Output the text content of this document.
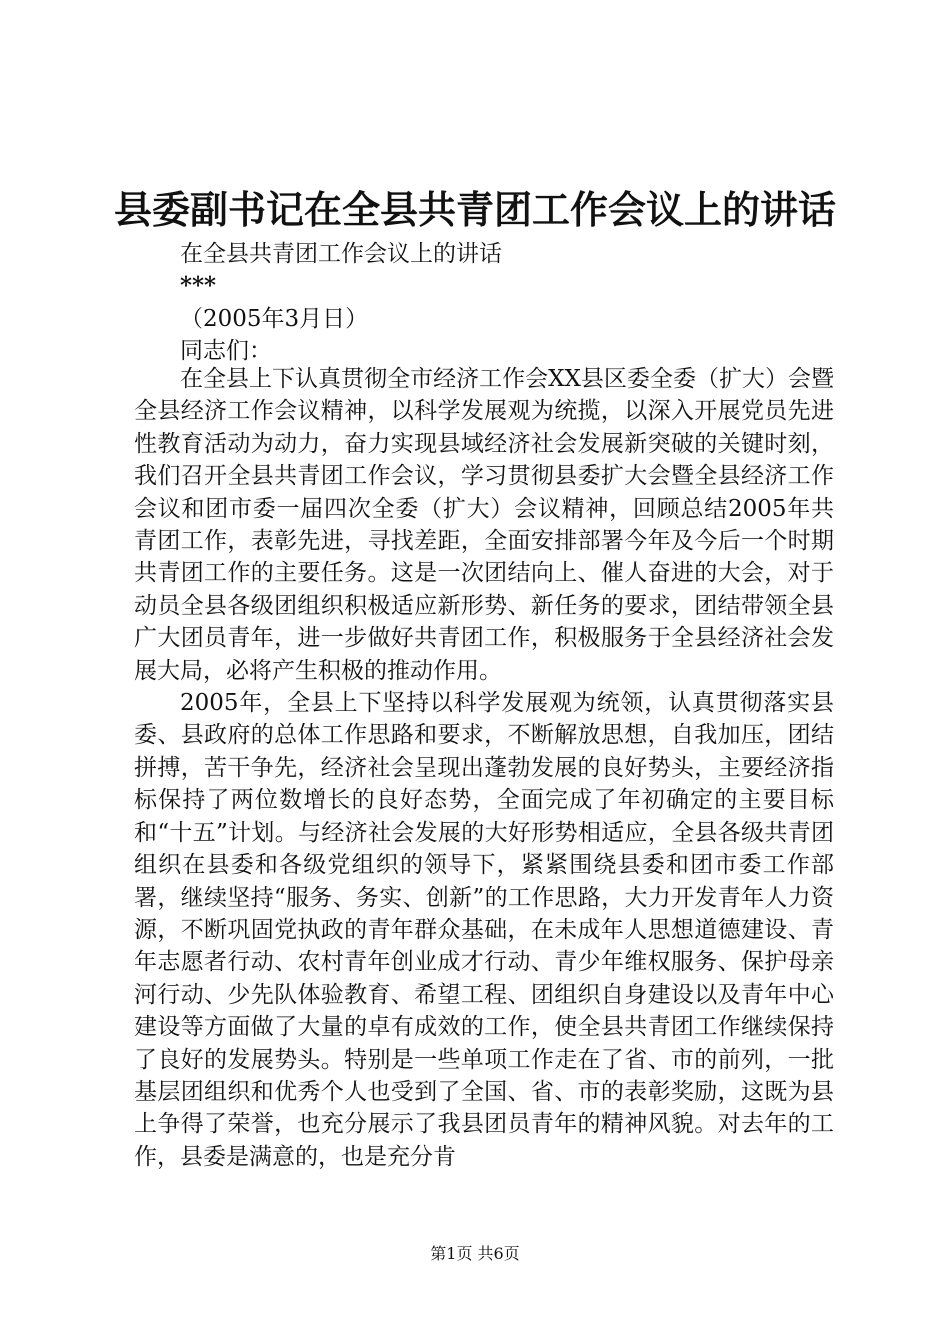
县委副书记在全县共青团工作会议上的讲话
在全县共青团工作会议上的讲话
***
（2005年3月日）
同志们：

在全县上下认真贯彻全市经济工作会XX县区委全委（扩大）会暨全县经济工作会议精神，以科学发展观为统揽，以深入开展党员先进性教育活动为动力，奋力实现县域经济社会发展新突破的关键时刻，我们召开全县共青团工作会议，学习贯彻县委扩大会暨全县经济工作会议和团市委一届四次全委（扩大）会议精神，回顾总结2005年共青团工作，表彰先进，寻找差距，全面安排部署今年及今后一个时期共青团工作的主要任务。这是一次团结向上、催人奋进的大会，对于动员全县各级团组织积极适应新形势、新任务的要求，团结带领全县广大团员青年，进一步做好共青团工作，积极服务于全县经济社会发展大局，必将产生积极的推动作用。

2005年，全县上下坚持以科学发展观为统领，认真贯彻落实县委、县政府的总体工作思路和要求，不断解放思想，自我加压，团结拼搏，苦干争先，经济社会呈现出蓬勃发展的良好势头，主要经济指标保持了两位数增长的良好态势，全面完成了年初确定的主要目标和“十五”计划。与经济社会发展的大好形势相适应，全县各级共青团组织在县委和各级党组织的领导下，紧紧围绕县委和团市委工作部署，继续坚持“服务、务实、创新”的工作思路，大力开发青年人力资源，不断巩固党执政的青年群众基础，在未成年人思想道德建设、青年志愿者行动、农村青年创业成才行动、青少年维权服务、保护母亲河行动、少先队体验教育、希望工程、团组织自身建设以及青年中心建设等方面做了大量的卓有成效的工作，使全县共青团工作继续保持了良好的发展势头。特别是一些单项工作走在了省、市的前列，一批基层团组织和优秀个人也受到了全国、省、市的表彰奖励，这既为县上争得了荣誉，也充分展示了我县团员青年的精神风貌。对去年的工作，县委是满意的，也是充分肯

第1页 共6页
